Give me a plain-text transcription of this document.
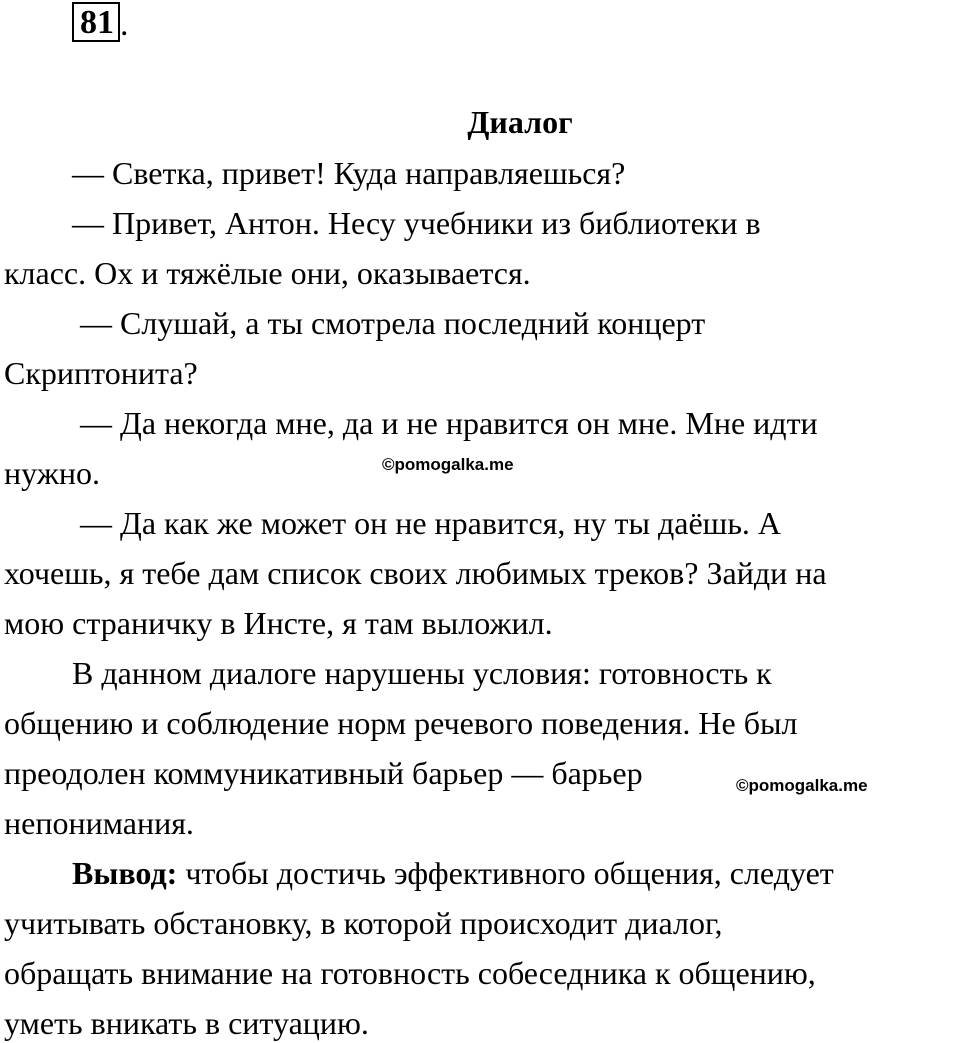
81 .
Диалог

— Светка, привет! Куда направляешься?

— Привет, Антон. Несу учебники из библиотеки в

класс. Ох и тяжёлые они, оказывается.

— Слушай, а ты смотрела последний концерт

Скриптонита?

— Да некогда мне, да и не нравится он мне. Мне идти

нужно.

— Да как же может он не нравится, ну ты даёшь. А

хочешь, я тебе дам список своих любимых треков? Зайди на

мою страничку в Инсте, я там выложил.

В данном диалоге нарушены условия: готовность к

общению и соблюдение норм речевого поведения. Не был

преодолен коммуникативный барьер — барьер

непонимания.

Вывод: чтобы достичь эффективного общения, следует

учитывать обстановку, в которой происходит диалог,

обращать внимание на готовность собеседника к общению,

уметь вникать в ситуацию.

©pomogalka.me
©pomogalka.me
